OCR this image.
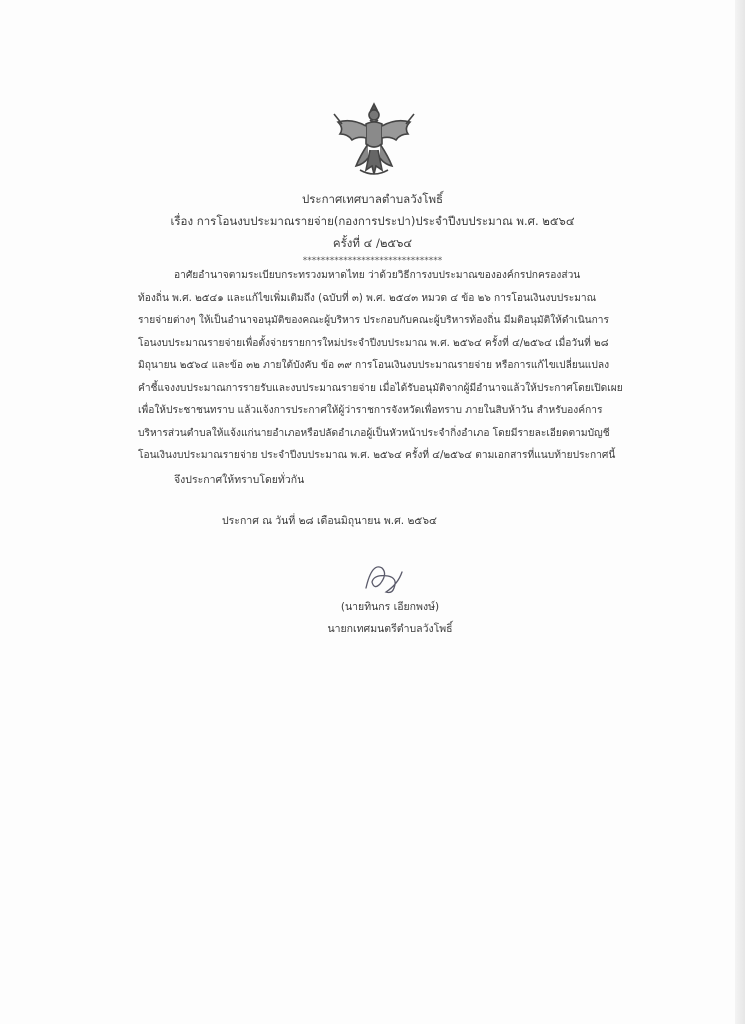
ประกาศเทศบาลตำบลวังโพธิ์
เรื่อง การโอนงบประมาณรายจ่าย(กองการประปา)ประจำปีงบประมาณ พ.ศ. ๒๕๖๔
ครั้งที่ ๔ /๒๕๖๔
*******************************
อาศัยอำนาจตามระเบียบกระทรวงมหาดไทย ว่าด้วยวิธีการงบประมาณขององค์กรปกครองส่วน
ท้องถิ่น พ.ศ. ๒๕๔๑ และแก้ไขเพิ่มเติมถึง (ฉบับที่ ๓) พ.ศ. ๒๕๔๓ หมวด ๔ ข้อ ๒๖ การโอนเงินงบประมาณ
รายจ่ายต่างๆ ให้เป็นอำนาจอนุมัติของคณะผู้บริหาร ประกอบกับคณะผู้บริหารท้องถิ่น มีมติอนุมัติให้ดำเนินการ
โอนงบประมาณรายจ่ายเพื่อตั้งจ่ายรายการใหม่ประจำปีงบประมาณ พ.ศ. ๒๕๖๔ ครั้งที่ ๔/๒๕๖๔ เมื่อวันที่ ๒๘
มิถุนายน ๒๕๖๔ และข้อ ๓๒ ภายใต้บังคับ ข้อ ๓๙ การโอนเงินงบประมาณรายจ่าย หรือการแก้ไขเปลี่ยนแปลง
คำชี้แจงงบประมาณการรายรับและงบประมาณรายจ่าย เมื่อได้รับอนุมัติจากผู้มีอำนาจแล้วให้ประกาศโดยเปิดเผย
เพื่อให้ประชาชนทราบ แล้วแจ้งการประกาศให้ผู้ว่าราชการจังหวัดเพื่อทราบ ภายในสิบห้าวัน สำหรับองค์การ
บริหารส่วนตำบลให้แจ้งแก่นายอำเภอหรือปลัดอำเภอผู้เป็นหัวหน้าประจำกิ่งอำเภอ โดยมีรายละเอียดตามบัญชี
โอนเงินงบประมาณรายจ่าย ประจำปีงบประมาณ พ.ศ. ๒๕๖๔ ครั้งที่ ๔/๒๕๖๔ ตามเอกสารที่แนบท้ายประกาศนี้
จึงประกาศให้ทราบโดยทั่วกัน
ประกาศ ณ วันที่ ๒๘ เดือนมิถุนายน พ.ศ. ๒๕๖๔
(นายทินกร เอียกพงษ์)
นายกเทศมนตรีตำบลวังโพธิ์
